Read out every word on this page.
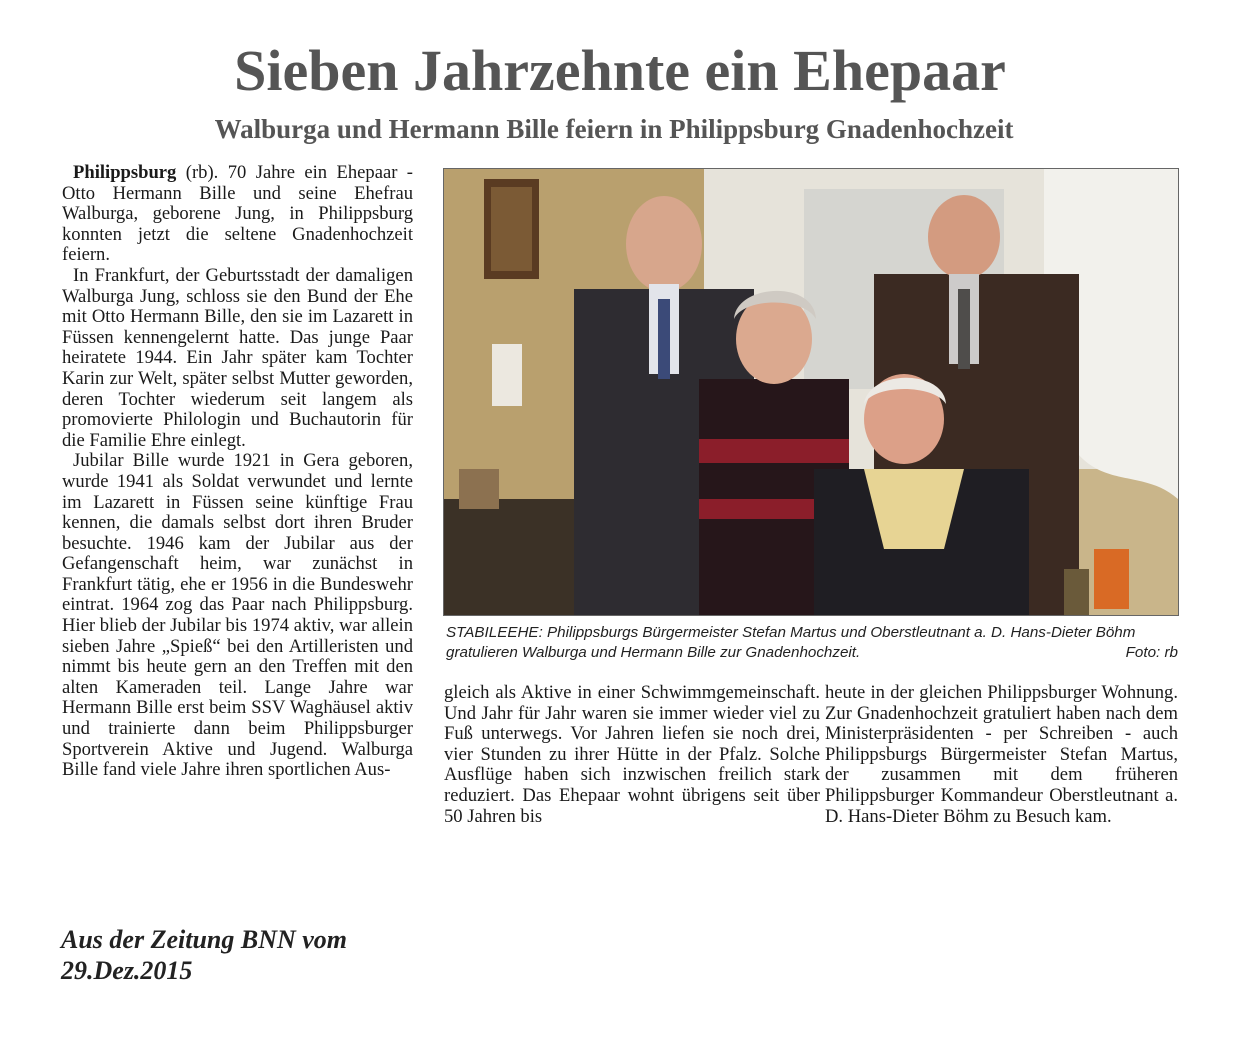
Sieben Jahrzehnte ein Ehepaar
Walburga und Hermann Bille feiern in Philippsburg Gnadenhochzeit

Philippsburg (rb). 70 Jahre ein Ehepaar - Otto Hermann Bille und seine Ehefrau Walburga, geborene Jung, in Philippsburg konnten jetzt die seltene Gnadenhochzeit feiern.

In Frankfurt, der Geburtsstadt der damaligen Walburga Jung, schloss sie den Bund der Ehe mit Otto Hermann Bille, den sie im Lazarett in Füssen kennengelernt hatte. Das junge Paar heiratete 1944. Ein Jahr später kam Tochter Karin zur Welt, später selbst Mutter geworden, deren Tochter wiederum seit langem als promovierte Philologin und Buchautorin für die Familie Ehre einlegt.

Jubilar Bille wurde 1921 in Gera geboren, wurde 1941 als Soldat verwundet und lernte im Lazarett in Füssen seine künftige Frau kennen, die damals selbst dort ihren Bruder besuchte. 1946 kam der Jubilar aus der Gefangenschaft heim, war zunächst in Frankfurt tätig, ehe er 1956 in die Bundeswehr eintrat. 1964 zog das Paar nach Philippsburg. Hier blieb der Jubilar bis 1974 aktiv, war allein sieben Jahre „Spieß“ bei den Artilleristen und nimmt bis heute gern an den Treffen mit den alten Kameraden teil. Lange Jahre war Hermann Bille erst beim SSV Waghäusel aktiv und trainierte dann beim Philippsburger Sportverein Aktive und Jugend. Walburga Bille fand viele Jahre ihren sportlichen Aus-

STABILEEHE: Philippsburgs Bürgermeister Stefan Martus und Oberstleutnant a. D. Hans-Dieter Böhm gratulieren Walburga und Hermann Bille zur Gnadenhochzeit.	Foto: rb

gleich als Aktive in einer Schwimmgemeinschaft. Und Jahr für Jahr waren sie immer wieder viel zu Fuß unterwegs. Vor Jahren liefen sie noch drei, vier Stunden zu ihrer Hütte in der Pfalz. Solche Ausflüge haben sich inzwischen freilich stark reduziert. Das Ehepaar wohnt übrigens seit über 50 Jahren bis

heute in der gleichen Philippsburger Wohnung. Zur Gnadenhochzeit gratuliert haben nach dem Ministerpräsidenten - per Schreiben - auch Philippsburgs Bürgermeister Stefan Martus, der zusammen mit dem früheren Philippsburger Kommandeur Oberstleutnant a. D. Hans-Dieter Böhm zu Besuch kam.

Aus der Zeitung BNN vom
29.Dez.2015
